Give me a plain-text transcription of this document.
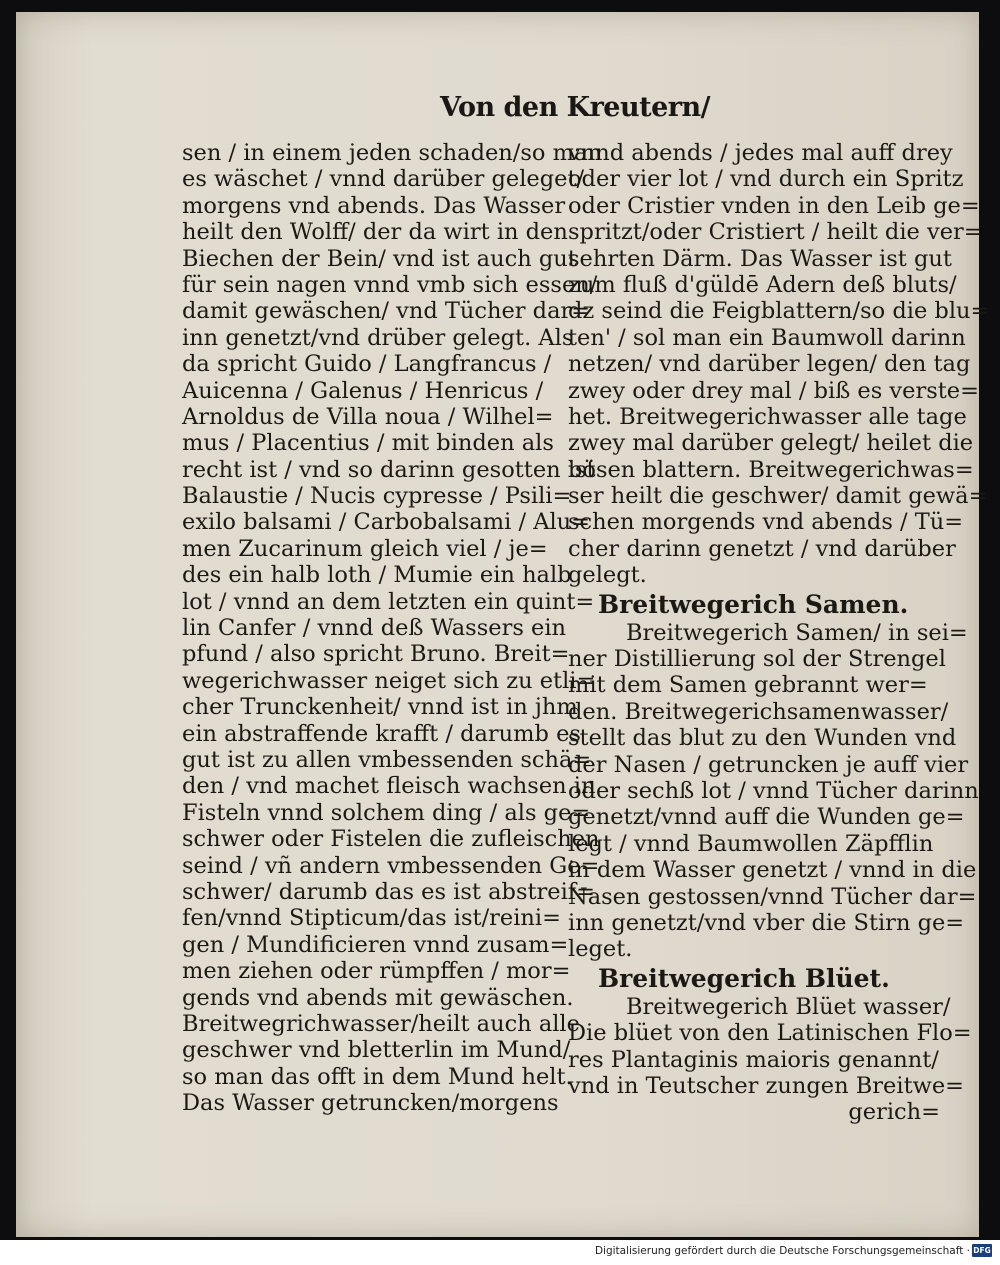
Von den Kreutern/
sen / in einem jeden schaden/so man
es wäschet / vnnd darüber geleget/
morgens vnd abends. Das Wasser
heilt den Wolff/ der da wirt in den
Biechen der Bein/ vnd ist auch gut
für sein nagen vnnd vmb sich essen/
damit gewäschen/ vnd Tücher dar=
inn genetzt/vnd drüber gelegt. Als
da spricht Guido / Langfrancus /
Auicenna / Galenus / Henricus /
Arnoldus de Villa noua / Wilhel=
mus / Placentius / mit binden als
recht ist / vnd so darinn gesotten ist
Balaustie / Nucis cypresse / Psili=
exilo balsami / Carbobalsami / Alu=
men Zucarinum gleich viel / je=
des ein halb loth / Mumie ein halb
lot / vnnd an dem letzten ein quint=
lin Canfer / vnnd deß Wassers ein
pfund / also spricht Bruno. Breit=
wegerichwasser neiget sich zu etli=
cher Trunckenheit/ vnnd ist in jhm
ein abstraffende krafft / darumb es
gut ist zu allen vmbessenden schä=
den / vnd machet fleisch wachsen in
Fisteln vnnd solchem ding / als ge=
schwer oder Fistelen die zufleischen
seind / vñ andern vmbessenden Ge=
schwer/ darumb das es ist abstreif=
fen/vnnd Stipticum/das ist/reini=
gen / Mundificieren vnnd zusam=
men ziehen oder rümpffen / mor=
gends vnd abends mit gewäschen.
Breitwegrichwasser/heilt auch alle
geschwer vnd bletterlin im Mund/
so man das offt in dem Mund helt.
Das Wasser getruncken/morgens
vnnd abends / jedes mal auff drey
oder vier lot / vnd durch ein Spritz
oder Cristier vnden in den Leib ge=
spritzt/oder Cristiert / heilt die ver=
sehrten Därm. Das Wasser ist gut
zum fluß d'güldē Adern deß bluts/
dz seind die Feigblattern/so die blu=
ten' / sol man ein Baumwoll darinn
netzen/ vnd darüber legen/ den tag
zwey oder drey mal / biß es verste=
het. Breitwegerichwasser alle tage
zwey mal darüber gelegt/ heilet die
bösen blattern. Breitwegerichwas=
ser heilt die geschwer/ damit gewä=
schen morgends vnd abends / Tü=
cher darinn genetzt / vnd darüber
gelegt.
Breitwegerich Samen.
Breitwegerich Samen/ in sei=
ner Distillierung sol der Strengel
mit dem Samen gebrannt wer=
den. Breitwegerichsamenwasser/
stellt das blut zu den Wunden vnd
der Nasen / getruncken je auff vier
oder sechß lot / vnnd Tücher darinn
genetzt/vnnd auff die Wunden ge=
legt / vnnd Baumwollen Zäpfflin
in dem Wasser genetzt / vnnd in die
Nasen gestossen/vnnd Tücher dar=
inn genetzt/vnd vber die Stirn ge=
leget.
Breitwegerich Blüet.
Breitwegerich Blüet wasser/
Die blüet von den Latinischen Flo=
res Plantaginis maioris genannt/
vnd in Teutscher zungen Breitwe=
gerich=
Digitalisierung gefördert durch die Deutsche Forschungsgemeinschaft · DFG
